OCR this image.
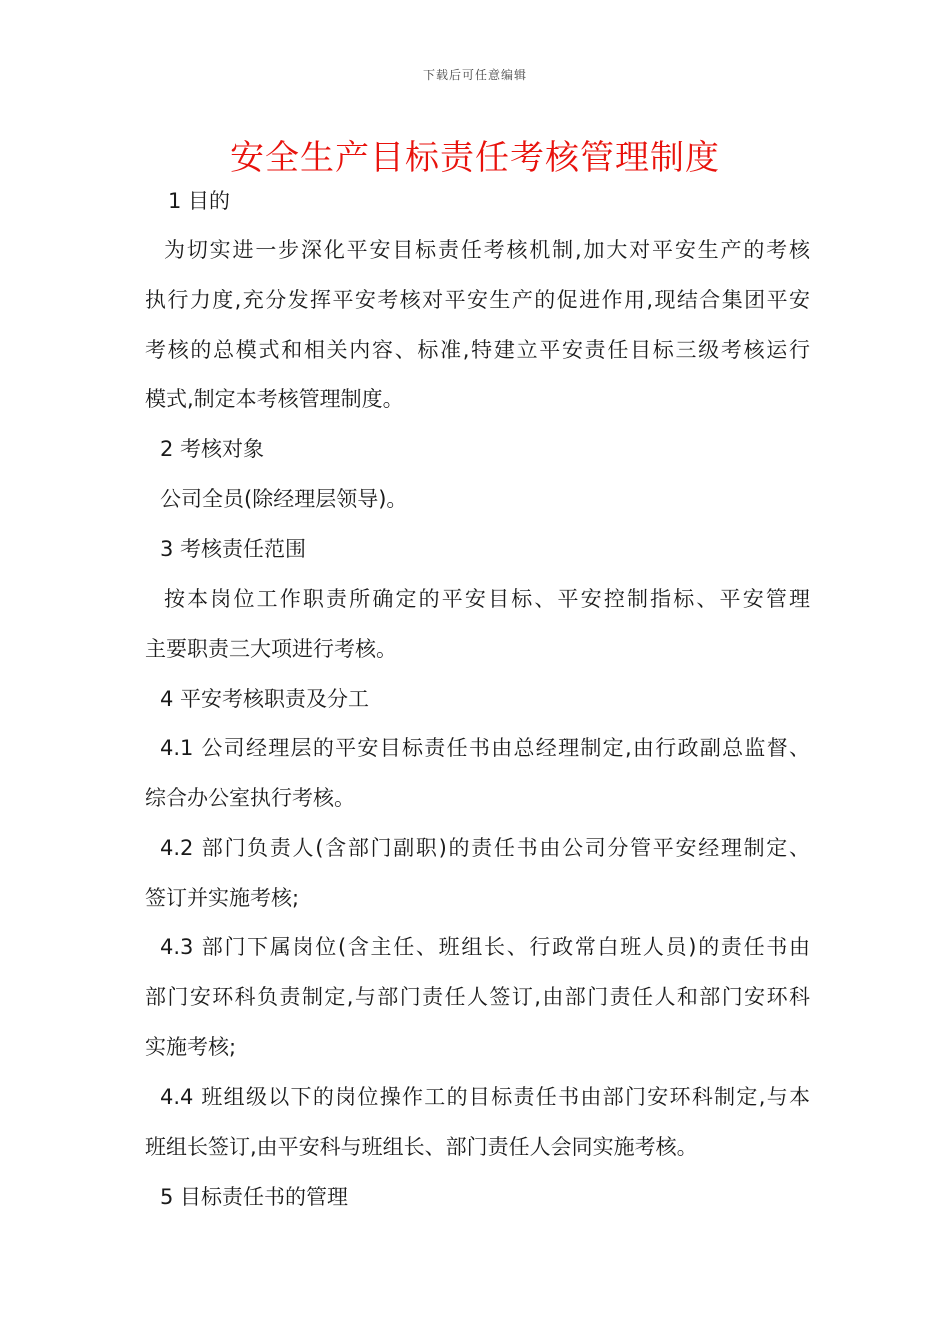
下载后可任意编辑
安全生产目标责任考核管理制度

1 目的

为切实进一步深化平安目标责任考核机制,加大对平安生产的考核

执行力度,充分发挥平安考核对平安生产的促进作用,现结合集团平安

考核的总模式和相关内容、标准,特建立平安责任目标三级考核运行

模式,制定本考核管理制度。

2 考核对象

公司全员(除经理层领导)。

3 考核责任范围

按本岗位工作职责所确定的平安目标、平安控制指标、平安管理

主要职责三大项进行考核。

4 平安考核职责及分工

4.1 公司经理层的平安目标责任书由总经理制定,由行政副总监督、

综合办公室执行考核。

4.2 部门负责人(含部门副职)的责任书由公司分管平安经理制定、

签订并实施考核;

4.3 部门下属岗位(含主任、班组长、行政常白班人员)的责任书由

部门安环科负责制定,与部门责任人签订,由部门责任人和部门安环科

实施考核;

4.4 班组级以下的岗位操作工的目标责任书由部门安环科制定,与本

班组长签订,由平安科与班组长、部门责任人会同实施考核。

5 目标责任书的管理
